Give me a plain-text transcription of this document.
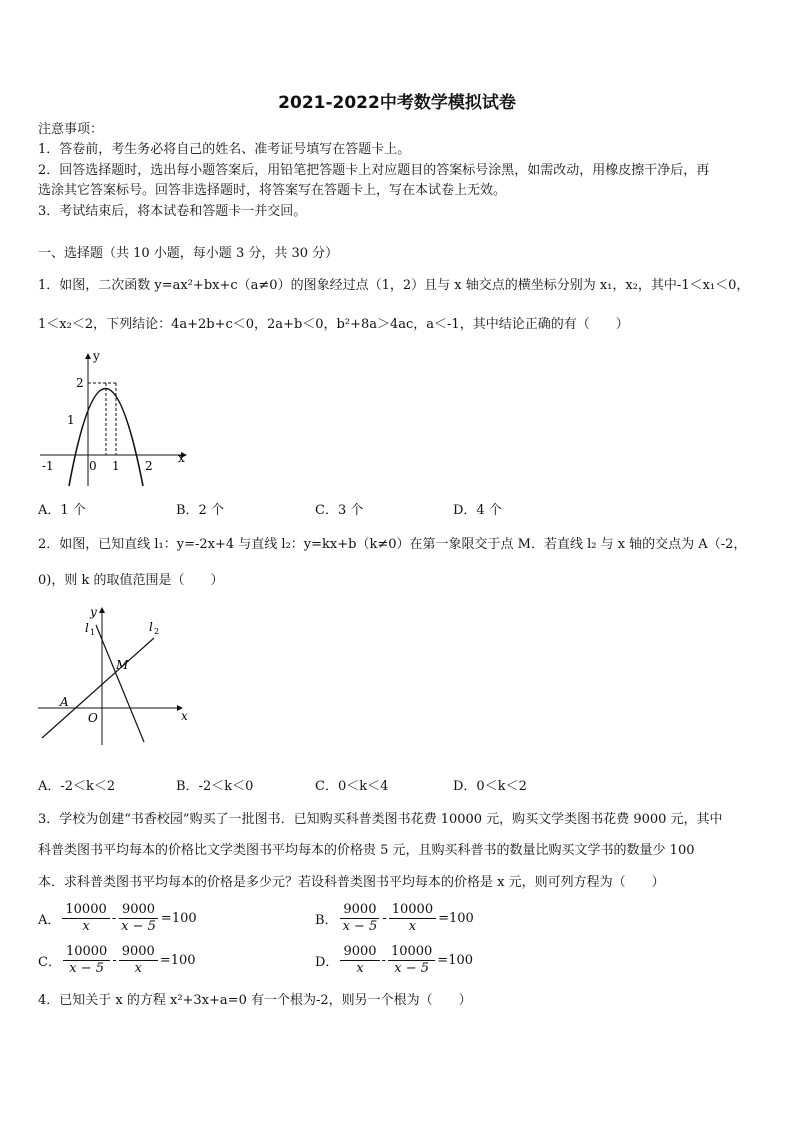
2021-2022中考数学模拟试卷
注意事项：
1．答卷前，考生务必将自己的姓名、准考证号填写在答题卡上。
2．回答选择题时，选出每小题答案后，用铅笔把答题卡上对应题目的答案标号涂黑，如需改动，用橡皮擦干净后，再
选涂其它答案标号。回答非选择题时，将答案写在答题卡上，写在本试卷上无效。
3．考试结束后，将本试卷和答题卡一并交回。
一、选择题（共 10 小题，每小题 3 分，共 30 分）
1．如图，二次函数 y=ax²+bx+c（a≠0）的图象经过点（1，2）且与 x 轴交点的横坐标分别为 x₁，x₂，其中-1＜x₁＜0，
1＜x₂＜2，下列结论：4a+2b+c＜0，2a+b＜0，b²+8a＞4ac，a＜-1，其中结论正确的有（　　）
y
x
2
1
-1	0 1 2
A．1 个	B．2 个	C．3 个	D．4 个
2．如图，已知直线 l₁：y=-2x+4 与直线 l₂：y=kx+b（k≠0）在第一象限交于点 M．若直线 l₂ 与 x 轴的交点为 A（-2，
0)，则 k 的取值范围是（　　）
y
x
l 1	l 2
M
A
O
A．-2＜k＜2	B．-2＜k＜0	C．0＜k＜4	D．0＜k＜2
3．学校为创建“书香校园”购买了一批图书．已知购买科普类图书花费 10000 元，购买文学类图书花费 9000 元，其中
科普类图书平均每本的价格比文学类图书平均每本的价格贵 5 元，且购买科普书的数量比购买文学书的数量少 100
本．求科普类图书平均每本的价格是多少元？若设科普类图书平均每本的价格是 x 元，则可列方程为（　　）
A． $\frac{10000}{x} - \frac{9000}{x - 5} =100$	B． $\frac{9000}{x - 5} - \frac{10000}{x} =100$
C． $\frac{10000}{x - 5} - \frac{9000}{x} =100$	D． $\frac{9000}{x} - \frac{10000}{x - 5} =100$
4．已知关于 x 的方程 x²+3x+a=0 有一个根为-2，则另一个根为（　　）
